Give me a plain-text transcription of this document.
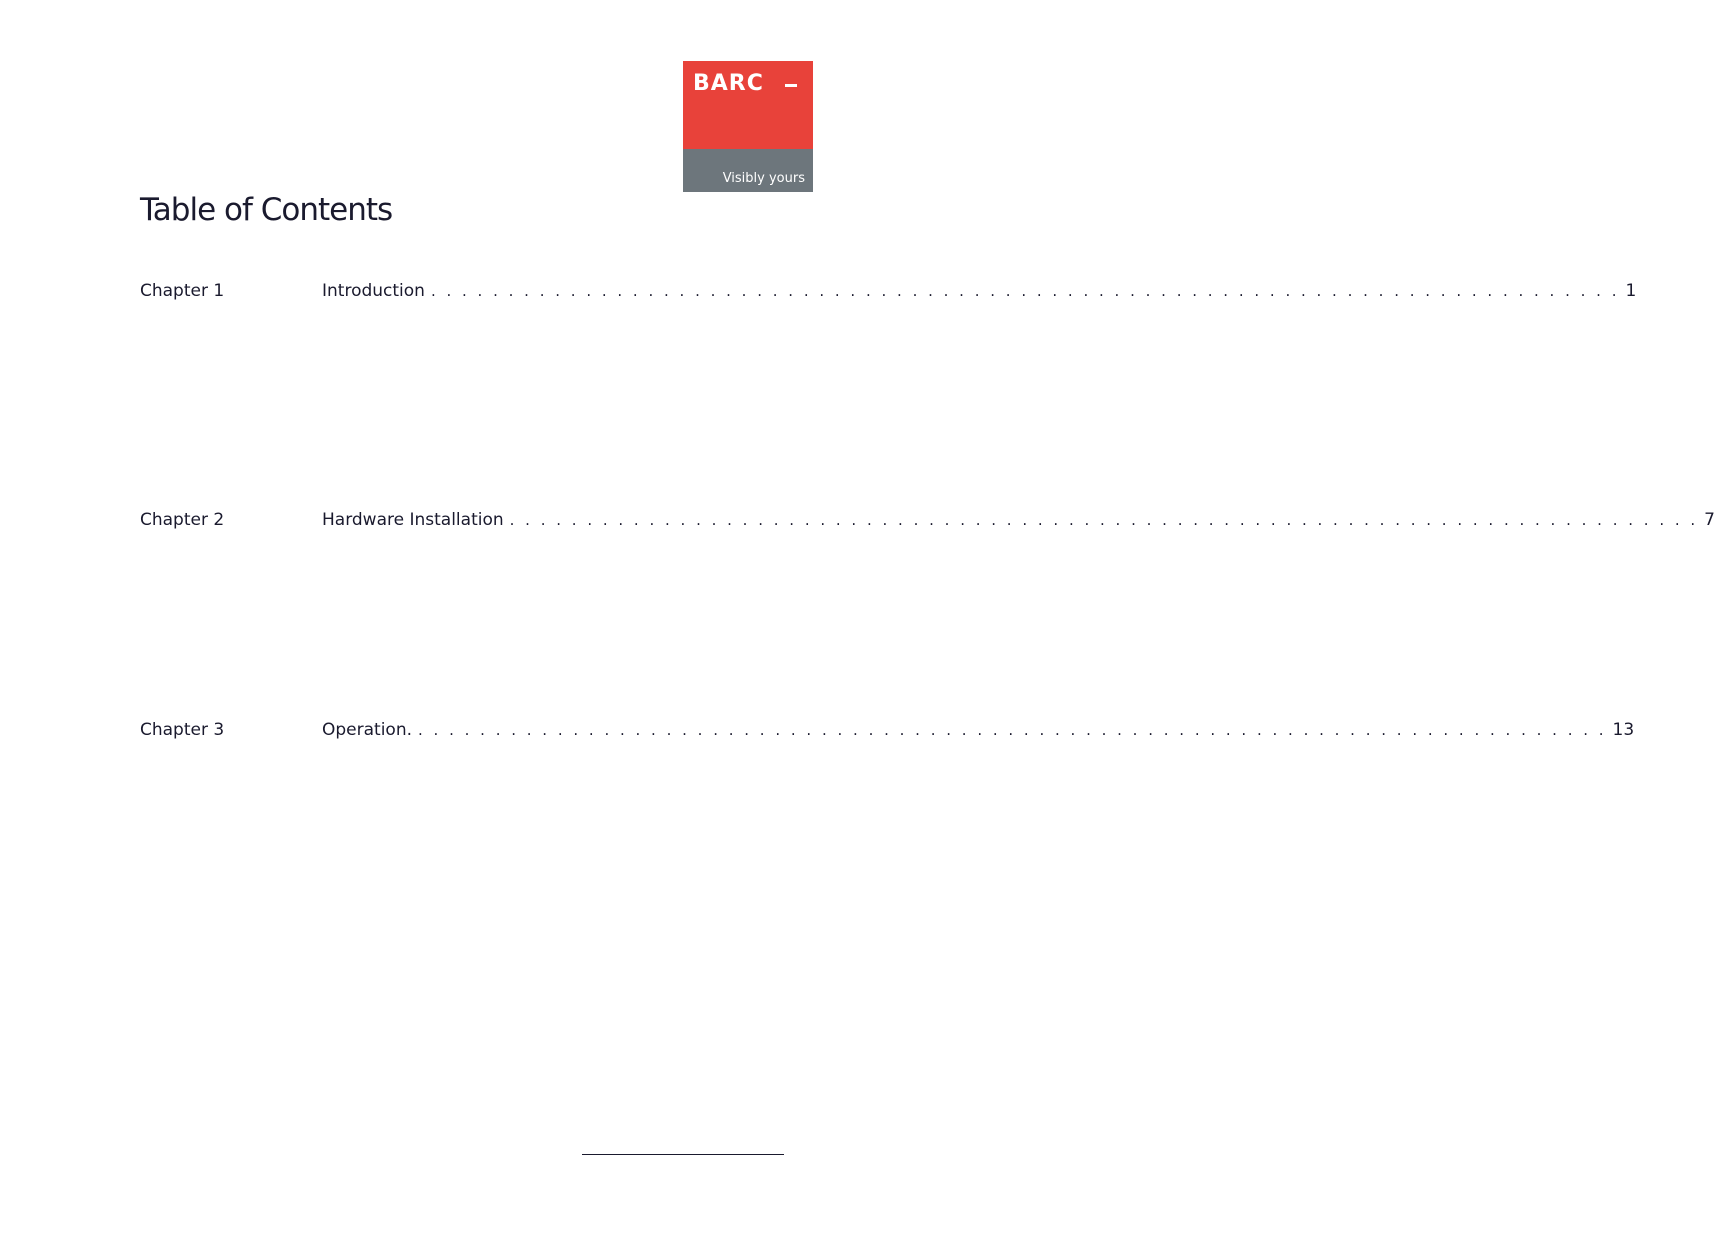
BARC
Visibly yours
Table of Contents
Chapter 1	Introduction . . . . . . . . . . . . . . . . . . . . . . . . . . . . . . . . . . . . . . . . . . . . . . . . . . . . . . . . . . . . . . . . . . . . . . . . . . . . . 1
Chapter 2	Hardware Installation . . . . . . . . . . . . . . . . . . . . . . . . . . . . . . . . . . . . . . . . . . . . . . . . . . . . . . . . . . . . . . . . . . . . . . . . . . . . . 7
Chapter 3	Operation. . . . . . . . . . . . . . . . . . . . . . . . . . . . . . . . . . . . . . . . . . . . . . . . . . . . . . . . . . . . . . . . . . . . . . . . . . . . . . 13
